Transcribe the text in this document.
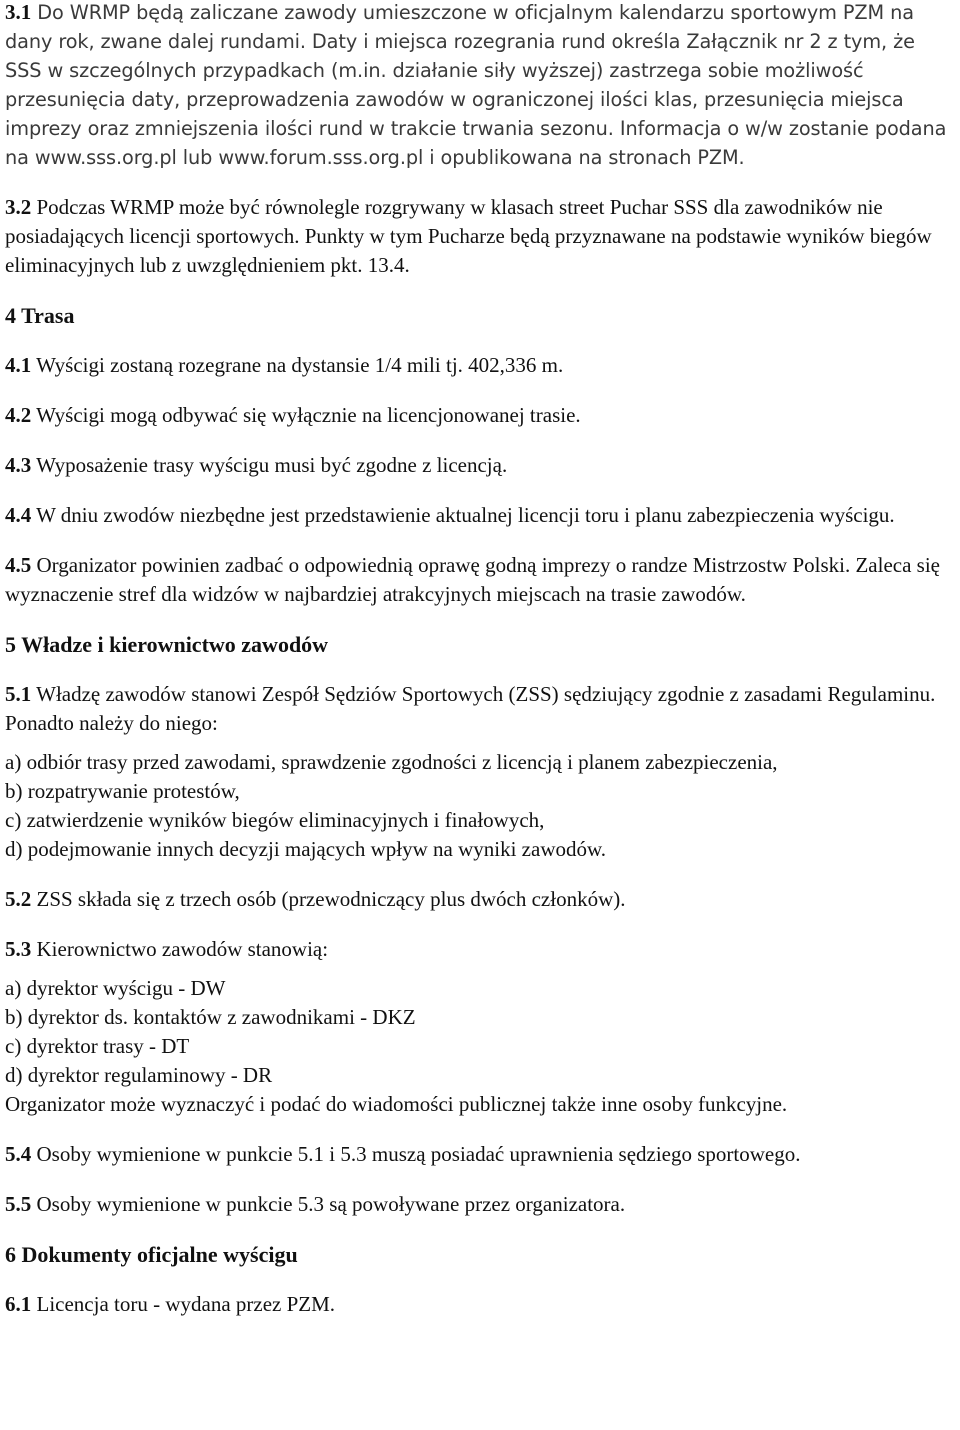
3.1 Do WRMP będą zaliczane zawody umieszczone w oficjalnym kalendarzu sportowym PZM na dany rok, zwane dalej rundami. Daty i miejsca rozegrania rund określa Załącznik nr 2 z tym, że SSS w szczególnych przypadkach (m.in. działanie siły wyższej) zastrzega sobie możliwość przesunięcia daty, przeprowadzenia zawodów w ograniczonej ilości klas, przesunięcia miejsca imprezy oraz zmniejszenia ilości rund w trakcie trwania sezonu. Informacja o w/w zostanie podana na www.sss.org.pl lub www.forum.sss.org.pl i opublikowana na stronach PZM.

3.2 Podczas WRMP może być równolegle rozgrywany w klasach street Puchar SSS dla zawodników nie posiadających licencji sportowych. Punkty w tym Pucharze będą przyznawane na podstawie wyników biegów eliminacyjnych lub z uwzględnieniem pkt. 13.4.

4 Trasa

4.1 Wyścigi zostaną rozegrane na dystansie 1/4 mili tj. 402,336 m.

4.2 Wyścigi mogą odbywać się wyłącznie na licencjonowanej trasie.

4.3 Wyposażenie trasy wyścigu musi być zgodne z licencją.

4.4 W dniu zwodów niezbędne jest przedstawienie aktualnej licencji toru i planu zabezpieczenia wyścigu.

4.5 Organizator powinien zadbać o odpowiednią oprawę godną imprezy o randze Mistrzostw Polski. Zaleca się wyznaczenie stref dla widzów w najbardziej atrakcyjnych miejscach na trasie zawodów.

5 Władze i kierownictwo zawodów

5.1 Władzę zawodów stanowi Zespół Sędziów Sportowych (ZSS) sędziujący zgodnie z zasadami Regulaminu. Ponadto należy do niego:

a) odbiór trasy przed zawodami, sprawdzenie zgodności z licencją i planem zabezpieczenia,
b) rozpatrywanie protestów,
c) zatwierdzenie wyników biegów eliminacyjnych i finałowych,
d) podejmowanie innych decyzji mających wpływ na wyniki zawodów.

5.2 ZSS składa się z trzech osób (przewodniczący plus dwóch członków).

5.3 Kierownictwo zawodów stanowią:

a) dyrektor wyścigu - DW
b) dyrektor ds. kontaktów z zawodnikami - DKZ
c) dyrektor trasy - DT
d) dyrektor regulaminowy - DR
Organizator może wyznaczyć i podać do wiadomości publicznej także inne osoby funkcyjne.

5.4 Osoby wymienione w punkcie 5.1 i 5.3 muszą posiadać uprawnienia sędziego sportowego.

5.5 Osoby wymienione w punkcie 5.3 są powoływane przez organizatora.

6 Dokumenty oficjalne wyścigu

6.1 Licencja toru - wydana przez PZM.
